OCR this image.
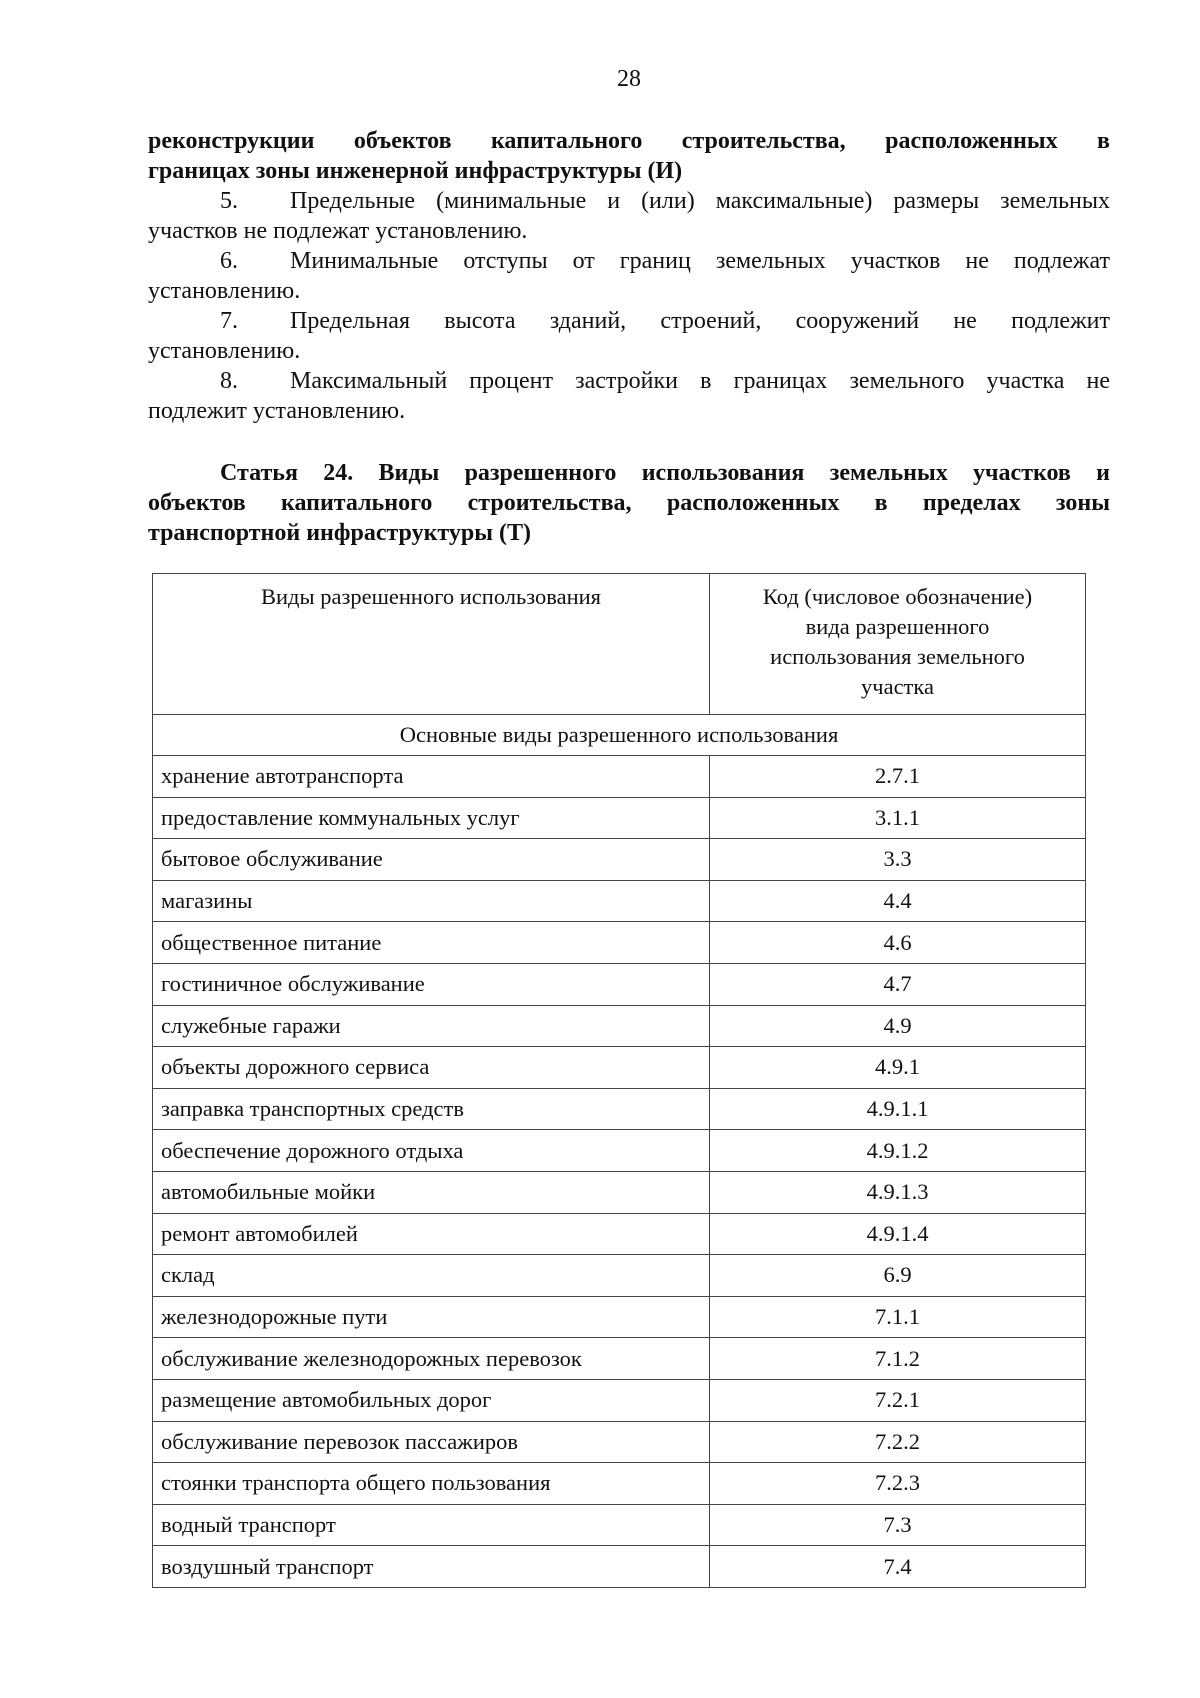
28
реконструкции объектов капитального строительства, расположенных в
границах зоны инженерной инфраструктуры (И)
5. Предельные (минимальные и (или) максимальные) размеры земельных
участков не подлежат установлению.
6. Минимальные отступы от границ земельных участков не подлежат
установлению.
7. Предельная высота зданий, строений, сооружений не подлежит
установлению.
8. Максимальный процент застройки в границах земельного участка не
подлежит установлению.
Статья 24. Виды разрешенного использования земельных участков и
объектов капитального строительства, расположенных в пределах зоны
транспортной инфраструктуры (Т)
Виды разрешенного использования	Код (числовое обозначение)
вида разрешенного
использования земельного
участка

Основные виды разрешенного использования	
хранение автотранспорта	2.7.1
предоставление коммунальных услуг	3.1.1
бытовое обслуживание	3.3
магазины	4.4
общественное питание	4.6
гостиничное обслуживание	4.7
служебные гаражи	4.9
объекты дорожного сервиса	4.9.1
заправка транспортных средств	4.9.1.1
обеспечение дорожного отдыха	4.9.1.2
автомобильные мойки	4.9.1.3
ремонт автомобилей	4.9.1.4
склад	6.9
железнодорожные пути	7.1.1
обслуживание железнодорожных перевозок	7.1.2
размещение автомобильных дорог	7.2.1
обслуживание перевозок пассажиров	7.2.2
стоянки транспорта общего пользования	7.2.3
водный транспорт	7.3
воздушный транспорт	7.4
